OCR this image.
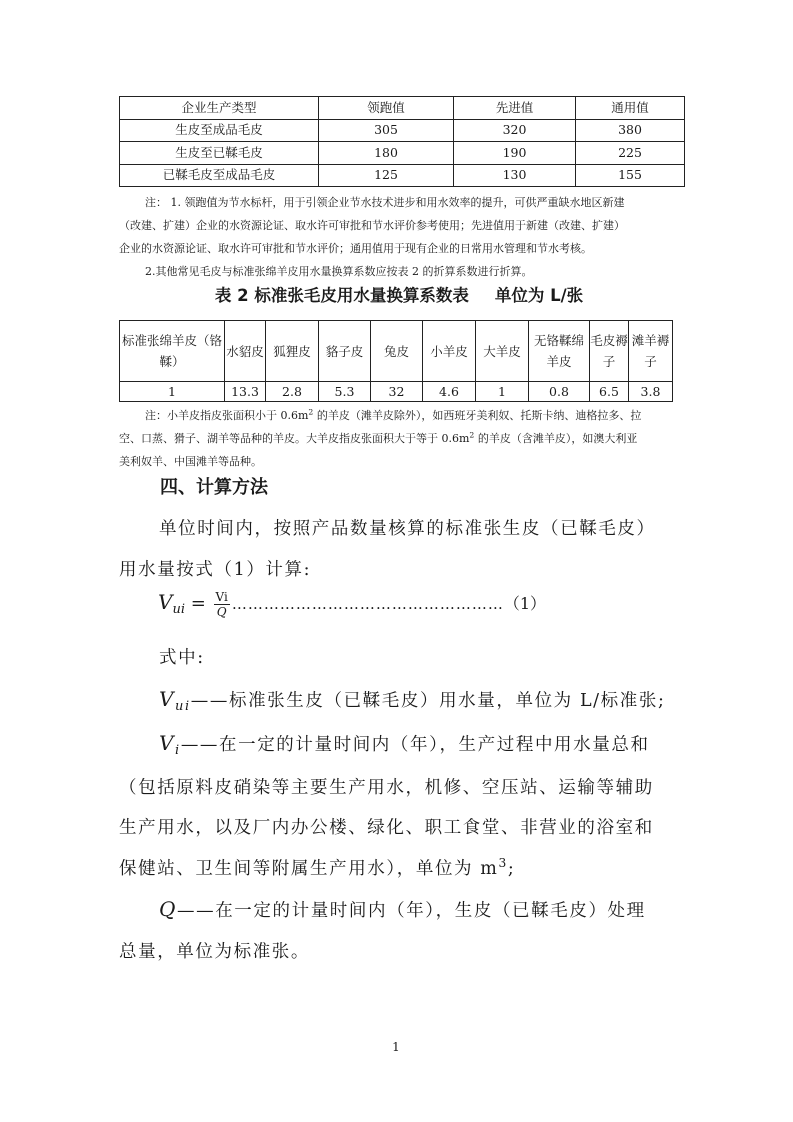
企业生产类型	领跑值	先进值	通用值
生皮至成品毛皮	305	320	380
生皮至已鞣毛皮	180	190	225
已鞣毛皮至成品毛皮	125	130	155
注： 1. 领跑值为节水标杆，用于引领企业节水技术进步和用水效率的提升，可供严重缺水地区新建
（改建、扩建）企业的水资源论证、取水许可审批和节水评价参考使用；先进值用于新建（改建、扩建）
企业的水资源论证、取水许可审批和节水评价；通用值用于现有企业的日常用水管理和节水考核。
2.其他常见毛皮与标准张绵羊皮用水量换算系数应按表 2 的折算系数进行折算。
表 2 标准张毛皮用水量换算系数表 单位为 L/张
标准张绵羊皮（铬鞣）	水貂皮	狐狸皮	貉子皮	兔皮	小羊皮	大羊皮	无铬鞣绵羊皮	毛皮褥子	滩羊褥子
1	13.3	2.8	5.3	32	4.6	1	0.8	6.5	3.8
注：小羊皮指皮张面积小于 $0.6m^2$ 的羊皮（滩羊皮除外），如西班牙美利奴、托斯卡纳、迪格拉多、拉
空、口蒸、猾子、湖羊等品种的羊皮。大羊皮指皮张面积大于等于 $0.6m^2$ 的羊皮（含滩羊皮），如澳大利亚
美利奴羊、中国滩羊等品种。
四、计算方法
单位时间内，按照产品数量核算的标准张生皮（已鞣毛皮）
用水量按式（1）计算:
$V_{ui} = \frac{Vi}{Q}$ ……………………………………………（1）
式中:
$V_{ui}——$标准张生皮（已鞣毛皮）用水量，单位为 L/标准张;
$V_i——$在一定的计量时间内（年），生产过程中用水量总和
（包括原料皮硝染等主要生产用水，机修、空压站、运输等辅助
生产用水，以及厂内办公楼、绿化、职工食堂、非营业的浴室和
保健站、卫生间等附属生产用水），单位为 $m^3$;
Q——在一定的计量时间内（年），生皮（已鞣毛皮）处理
总量，单位为标准张。
1
